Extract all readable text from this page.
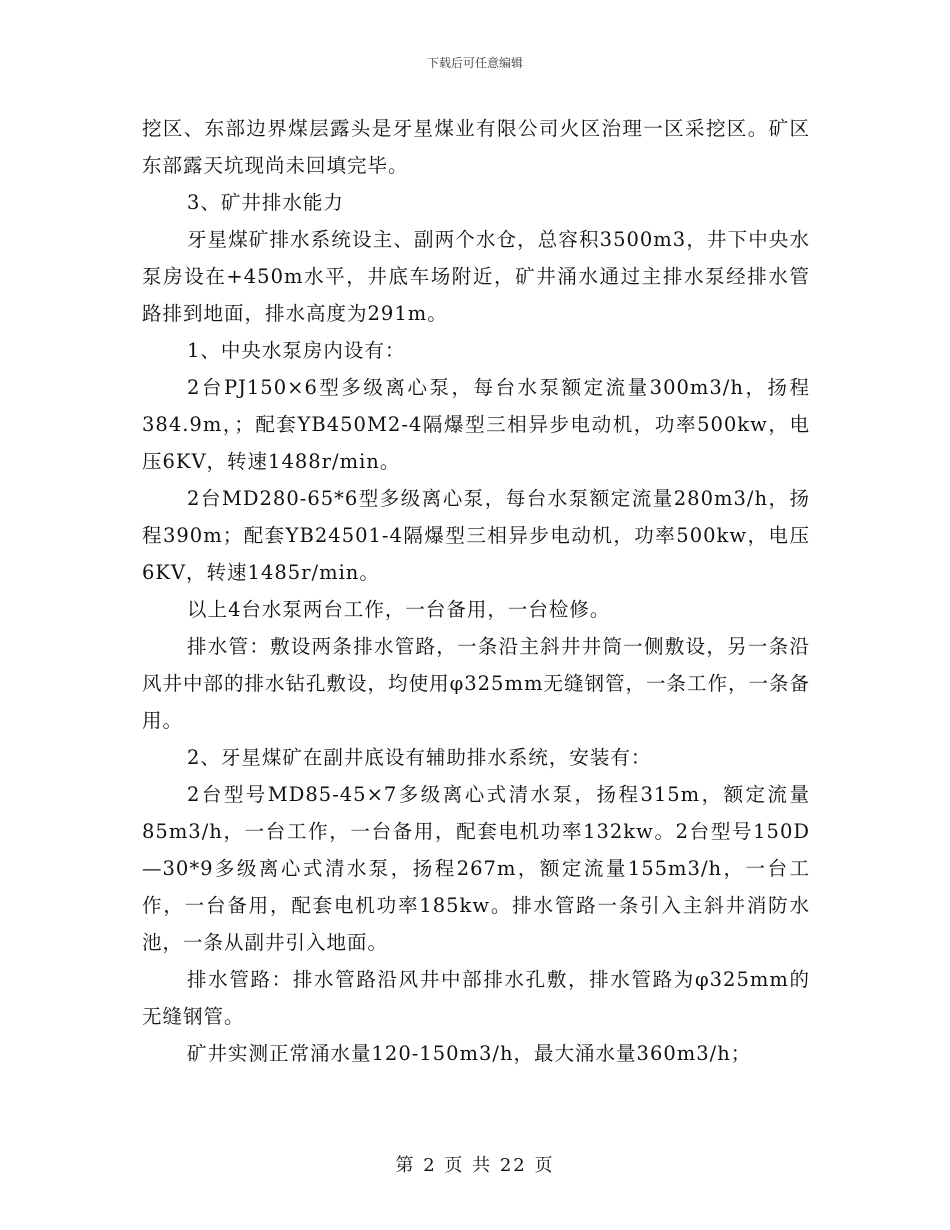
下载后可任意编辑

挖区、东部边界煤层露头是牙星煤业有限公司火区治理一区采挖区。矿区东部露天坑现尚未回填完毕。

3、矿井排水能力

牙星煤矿排水系统设主、副两个水仓，总容积3500m3，井下中央水泵房设在+450m水平，井底车场附近，矿井涌水通过主排水泵经排水管路排到地面，排水高度为291m。

1、中央水泵房内设有：

2台PJ150×6型多级离心泵，每台水泵额定流量300m3/h，扬程384.9m，；配套YB450M2-4隔爆型三相异步电动机，功率500kw，电压6KV，转速1488r/min。

2台MD280-65*6型多级离心泵，每台水泵额定流量280m3/h，扬程390m；配套YB24501-4隔爆型三相异步电动机，功率500kw，电压6KV，转速1485r/min。

以上4台水泵两台工作，一台备用，一台检修。

排水管：敷设两条排水管路，一条沿主斜井井筒一侧敷设，另一条沿风井中部的排水钻孔敷设，均使用φ325mm无缝钢管，一条工作，一条备用。

2、牙星煤矿在副井底设有辅助排水系统，安装有：

2台型号MD85-45×7多级离心式清水泵，扬程315m，额定流量85m3/h，一台工作，一台备用，配套电机功率132kw。2台型号150D—30*9多级离心式清水泵，扬程267m，额定流量155m3/h，一台工作，一台备用，配套电机功率185kw。排水管路一条引入主斜井消防水池，一条从副井引入地面。

排水管路：排水管路沿风井中部排水孔敷，排水管路为φ325mm的无缝钢管。

矿井实测正常涌水量120-150m3/h，最大涌水量360m3/h；

第 2 页 共 22 页
